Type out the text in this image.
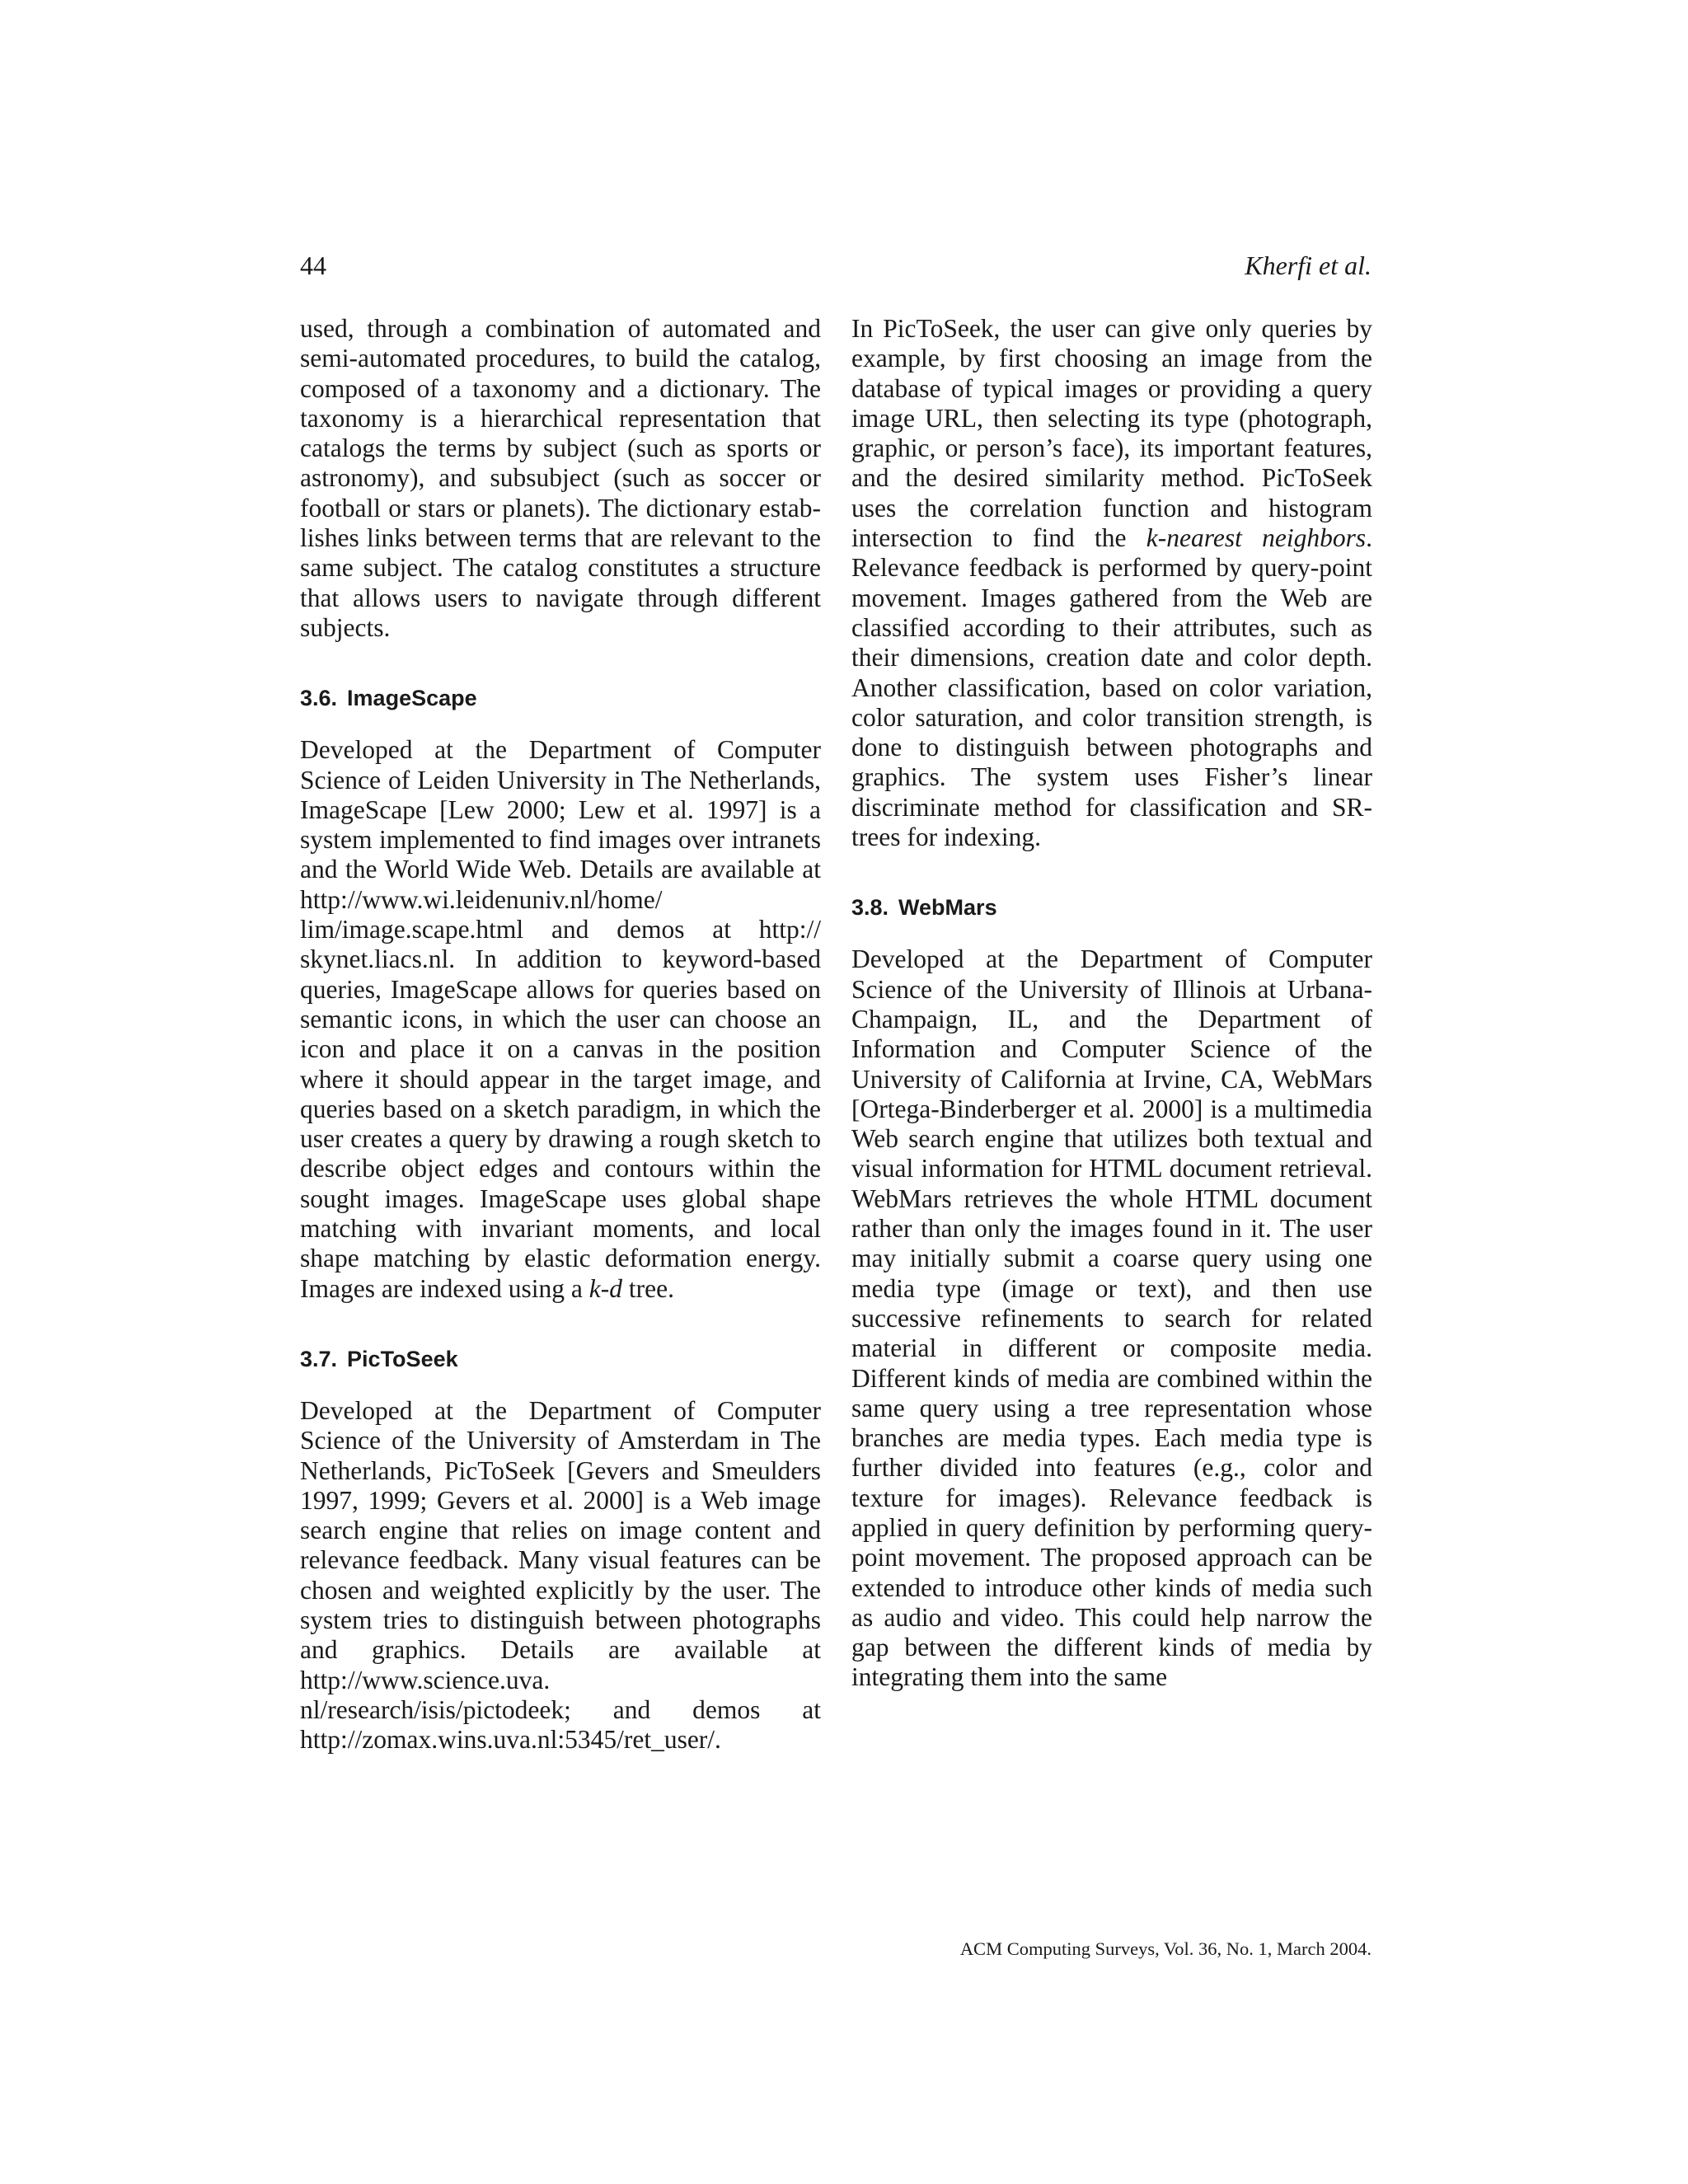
44	Kherfi et al.

used, through a combination of automated and semi-automated procedures, to build the catalog, composed of a taxonomy and a dictionary. The taxonomy is a hierarchical representation that catalogs the terms by subject (such as sports or astronomy), and subsubject (such as soccer or football or stars or planets). The dictionary establishes links between terms that are relevant to the same subject. The catalog constitutes a structure that allows users to navigate through different subjects.

3.6. ImageScape

Developed at the Department of Computer Science of Leiden University in The Netherlands, ImageScape [Lew 2000; Lew et al. 1997] is a system implemented to find images over intranets and the World Wide Web. Details are available at http://www.wi.leidenuniv.nl/home/ lim/image.scape.html and demos at http:// skynet.liacs.nl. In addition to keyword-based queries, ImageScape allows for queries based on semantic icons, in which the user can choose an icon and place it on a canvas in the position where it should appear in the target image, and queries based on a sketch paradigm, in which the user creates a query by drawing a rough sketch to describe object edges and contours within the sought images. ImageScape uses global shape matching with invariant moments, and local shape matching by elastic deformation energy. Images are indexed using a k-d tree.

3.7. PicToSeek

Developed at the Department of Computer Science of the University of Amsterdam in The Netherlands, PicToSeek [Gevers and Smeulders 1997, 1999; Gevers et al. 2000] is a Web image search engine that relies on image content and relevance feedback. Many visual features can be chosen and weighted explicitly by the user. The system tries to distinguish between photographs and graphics. Details are available at http://www.science.uva. nl/research/isis/pictodeek; and demos at http://zomax.wins.uva.nl:5345/ret_user/.

In PicToSeek, the user can give only queries by example, by first choosing an image from the database of typical images or providing a query image URL, then selecting its type (photograph, graphic, or person’s face), its important features, and the desired similarity method. PicToSeek uses the correlation function and histogram intersection to find the k-nearest neighbors. Relevance feedback is performed by query-point movement. Images gathered from the Web are classified according to their attributes, such as their dimensions, creation date and color depth. Another classification, based on color variation, color saturation, and color transition strength, is done to distinguish between photographs and graphics. The system uses Fisher’s linear discriminate method for classification and SR-trees for indexing.

3.8. WebMars

Developed at the Department of Computer Science of the University of Illinois at Urbana-Champaign, IL, and the Department of Information and Computer Science of the University of California at Irvine, CA, WebMars [Ortega-Binderberger et al. 2000] is a multimedia Web search engine that utilizes both textual and visual information for HTML document retrieval. WebMars retrieves the whole HTML document rather than only the images found in it. The user may initially submit a coarse query using one media type (image or text), and then use successive refinements to search for related material in different or composite media. Different kinds of media are combined within the same query using a tree representation whose branches are media types. Each media type is further divided into features (e.g., color and texture for images). Relevance feedback is applied in query definition by performing query-point movement. The proposed approach can be extended to introduce other kinds of media such as audio and video. This could help narrow the gap between the different kinds of media by integrating them into the same

ACM Computing Surveys, Vol. 36, No. 1, March 2004.
